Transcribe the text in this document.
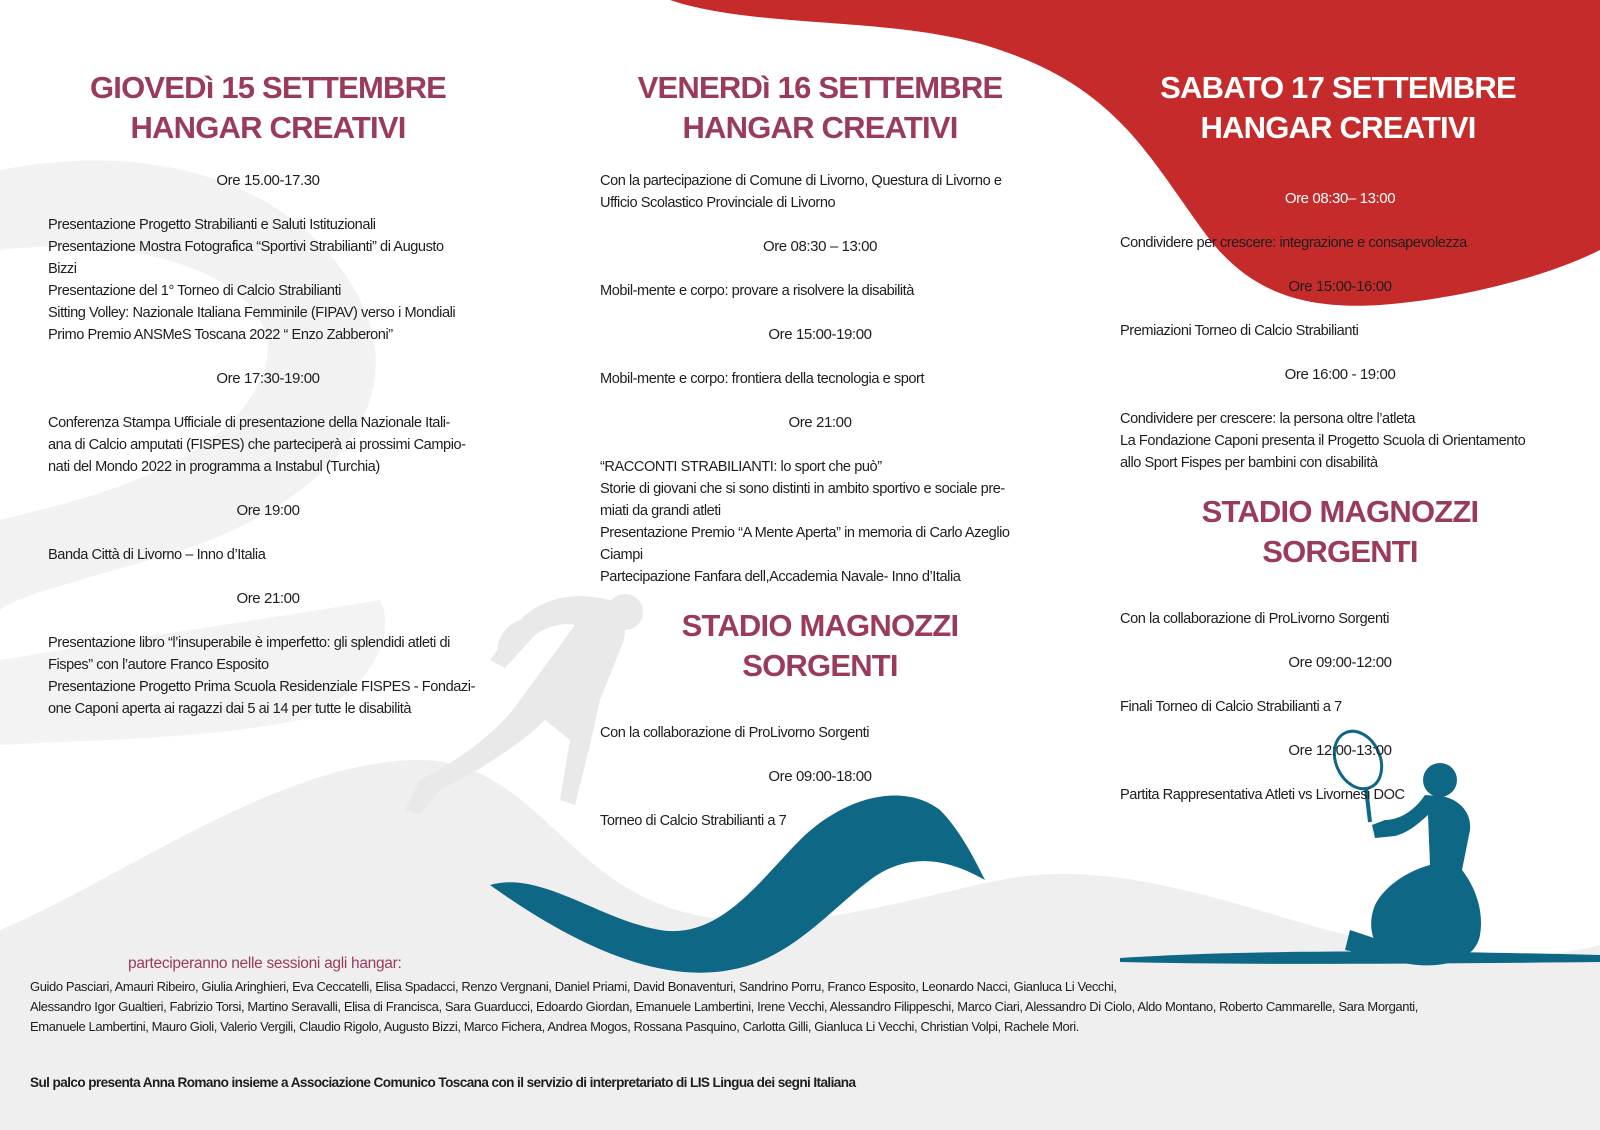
GIOVEDì 15 SETTEMBRE
HANGAR CREATIVI
Ore 15.00-17.30
Presentazione Progetto Strabilianti e Saluti Istituzionali
Presentazione Mostra Fotografica “Sportivi Strabilianti” di Augusto
Bizzi
Presentazione del 1° Torneo di Calcio Strabilianti
Sitting Volley: Nazionale Italiana Femminile (FIPAV) verso i Mondiali
Primo Premio ANSMeS Toscana 2022 “ Enzo Zabberoni”
Ore 17:30-19:00
Conferenza Stampa Ufficiale di presentazione della Nazionale Itali-
ana di Calcio amputati (FISPES) che parteciperà ai prossimi Campio-
nati del Mondo 2022 in programma a Instabul (Turchia)
Ore 19:00
Banda Città di Livorno – Inno d’Italia
Ore 21:00
Presentazione libro “l’insuperabile è imperfetto: gli splendidi atleti di
Fispes” con l’autore Franco Esposito
Presentazione Progetto Prima Scuola Residenziale FISPES - Fondazi-
one Caponi aperta ai ragazzi dai 5 ai 14 per tutte le disabilità
VENERDì 16 SETTEMBRE
HANGAR CREATIVI
Con la partecipazione di Comune di Livorno, Questura di Livorno e
Ufficio Scolastico Provinciale di Livorno
Ore 08:30 – 13:00
Mobil-mente e corpo: provare a risolvere la disabilità
Ore 15:00-19:00
Mobil-mente e corpo: frontiera della tecnologia e sport
Ore 21:00
“RACCONTI STRABILIANTI: lo sport che può”
Storie di giovani che si sono distinti in ambito sportivo e sociale pre-
miati da grandi atleti
Presentazione Premio “A Mente Aperta” in memoria di Carlo Azeglio
Ciampi
Partecipazione Fanfara dell,Accademia Navale- Inno d’Italia
STADIO MAGNOZZI
SORGENTI
Con la collaborazione di ProLivorno Sorgenti
Ore 09:00-18:00
Torneo di Calcio Strabilianti a 7
SABATO 17 SETTEMBRE
HANGAR CREATIVI
Ore 08:30– 13:00
Condividere per crescere: integrazione e consapevolezza
Ore 15:00-16:00
Premiazioni Torneo di Calcio Strabilianti
Ore 16:00 - 19:00
Condividere per crescere: la persona oltre l’atleta
La Fondazione Caponi presenta il Progetto Scuola di Orientamento
allo Sport Fispes per bambini con disabilità
STADIO MAGNOZZI
SORGENTI
Con la collaborazione di ProLivorno Sorgenti
Ore 09:00-12:00
Finali Torneo di Calcio Strabilianti a 7
Ore 12:00-13:00
Partita Rappresentativa Atleti vs Livornesi DOC
parteciperanno nelle sessioni agli hangar:
Guido Pasciari, Amauri Ribeiro, Giulia Aringhieri, Eva Ceccatelli, Elisa Spadacci, Renzo Vergnani, Daniel Priami, David Bonaventuri, Sandrino Porru, Franco Esposito, Leonardo Nacci, Gianluca Li Vecchi,
Alessandro Igor Gualtieri, Fabrizio Torsi, Martino Seravalli, Elisa di Francisca, Sara Guarducci, Edoardo Giordan, Emanuele Lambertini, Irene Vecchi, Alessandro Filippeschi, Marco Ciari, Alessandro Di Ciolo, Aldo Montano, Roberto Cammarelle, Sara Morganti,
Emanuele Lambertini, Mauro Gioli, Valerio Vergili, Claudio Rigolo, Augusto Bizzi, Marco Fichera, Andrea Mogos, Rossana Pasquino, Carlotta Gilli, Gianluca Li Vecchi, Christian Volpi, Rachele Mori.
Sul palco presenta Anna Romano insieme a Associazione Comunico Toscana con il servizio di interpretariato di LIS Lingua dei segni Italiana
